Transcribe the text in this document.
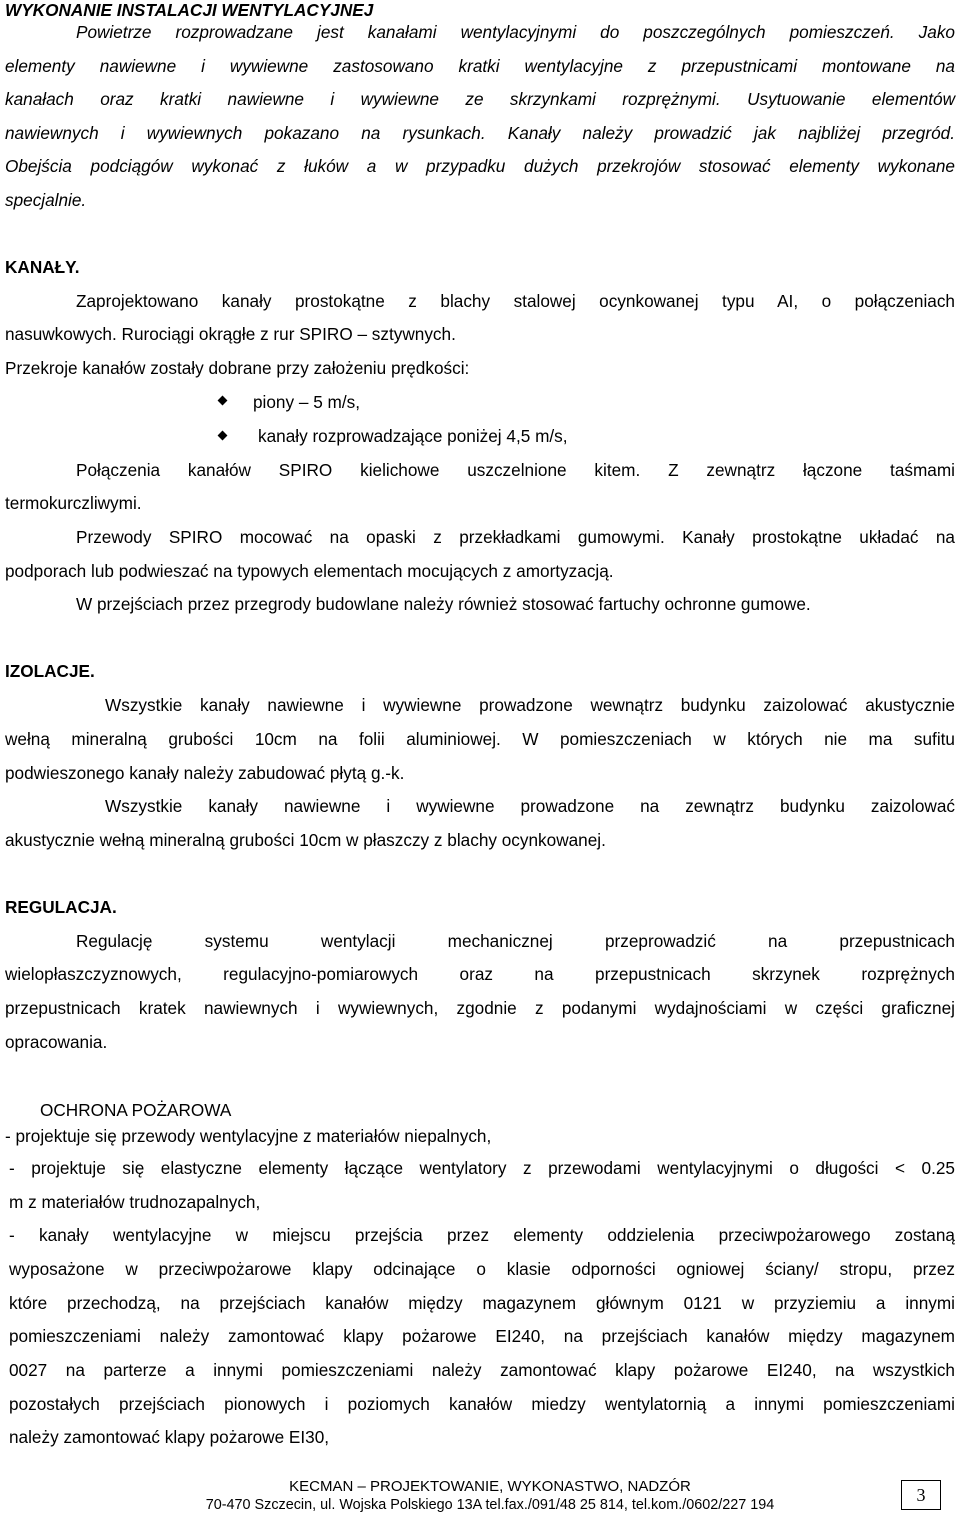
WYKONANIE INSTALACJI WENTYLACYJNEJ
Powietrze rozprowadzane jest kanałami wentylacyjnymi do poszczególnych pomieszczeń. Jako
elementy nawiewne i wywiewne zastosowano kratki wentylacyjne z przepustnicami montowane na
kanałach oraz kratki nawiewne i wywiewne ze skrzynkami rozprężnymi. Usytuowanie elementów
nawiewnych i wywiewnych pokazano na rysunkach. Kanały należy prowadzić jak najbliżej przegród.
Obejścia podciągów wykonać z łuków a w przypadku dużych przekrojów stosować elementy wykonane
specjalnie.
KANAŁY.
Zaprojektowano kanały prostokątne z blachy stalowej ocynkowanej typu AI, o połączeniach
nasuwkowych. Rurociągi okrągłe z rur SPIRO – sztywnych.
Przekroje kanałów zostały dobrane przy założeniu prędkości:
piony – 5 m/s,
kanały rozprowadzające poniżej 4,5 m/s,
Połączenia kanałów SPIRO kielichowe uszczelnione kitem. Z zewnątrz łączone taśmami
termokurczliwymi.
Przewody SPIRO mocować na opaski z przekładkami gumowymi. Kanały prostokątne układać na
podporach lub podwieszać na typowych elementach mocujących z amortyzacją.
W przejściach przez przegrody budowlane należy również stosować fartuchy ochronne gumowe.
IZOLACJE.
Wszystkie kanały nawiewne i wywiewne prowadzone wewnątrz budynku zaizolować akustycznie
wełną mineralną grubości 10cm na folii aluminiowej. W pomieszczeniach w których nie ma sufitu
podwieszonego kanały należy zabudować płytą g.-k.
Wszystkie kanały nawiewne i wywiewne prowadzone na zewnątrz budynku zaizolować
akustycznie wełną mineralną grubości 10cm w płaszczy z blachy ocynkowanej.
REGULACJA.
Regulację systemu wentylacji mechanicznej przeprowadzić na przepustnicach
wielopłaszczyznowych, regulacyjno-pomiarowych oraz na przepustnicach skrzynek rozprężnych
przepustnicach kratek nawiewnych i wywiewnych, zgodnie z podanymi wydajnościami w części graficznej
opracowania.
OCHRONA POŻAROWA
- projektuje się przewody wentylacyjne z materiałów niepalnych,
- projektuje się elastyczne elementy łączące wentylatory z przewodami wentylacyjnymi o długości < 0.25
m z materiałów trudnozapalnych,
- kanały wentylacyjne w miejscu przejścia przez elementy oddzielenia przeciwpożarowego zostaną
wyposażone w przeciwpożarowe klapy odcinające o klasie odporności ogniowej ściany/ stropu, przez
które przechodzą, na przejściach kanałów między magazynem głównym 0121 w przyziemiu a innymi
pomieszczeniami należy zamontować klapy pożarowe EI240, na przejściach kanałów między magazynem
0027 na parterze a innymi pomieszczeniami należy zamontować klapy pożarowe EI240, na wszystkich
pozostałych przejściach pionowych i poziomych kanałów miedzy wentylatornią a innymi pomieszczeniami
należy zamontować klapy pożarowe EI30,
KECMAN – PROJEKTOWANIE, WYKONASTWO, NADZÓR
70-470 Szczecin, ul. Wojska Polskiego 13A tel.fax./091/48 25 814, tel.kom./0602/227 194
3
